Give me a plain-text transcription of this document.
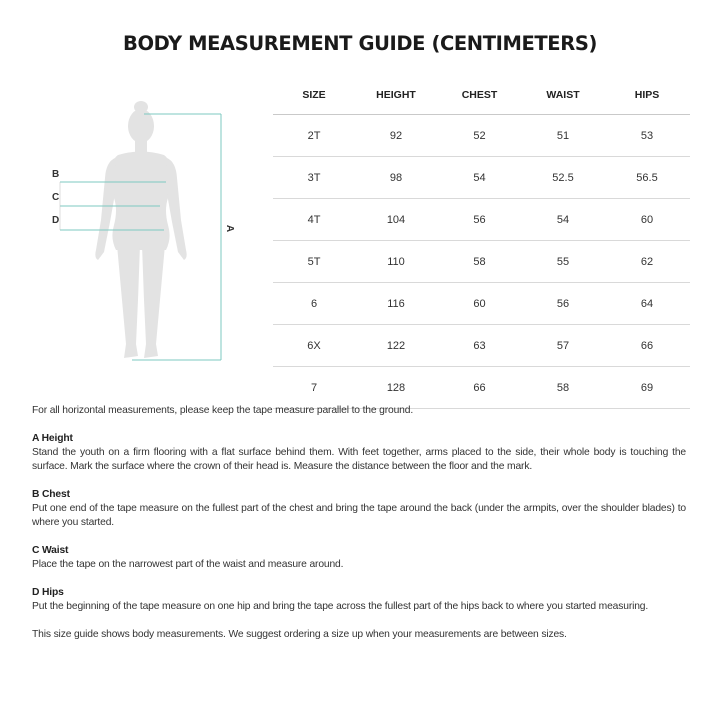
BODY MEASUREMENT GUIDE (CENTIMETERS)
B
C
D
A
SIZE	HEIGHT	CHEST	WAIST	HIPS
2T	92	52	51	53
3T	98	54	52.5	56.5
4T	104	56	54	60
5T	110	58	55	62
6	116	60	56	64
6X	122	63	57	66
7	128	66	58	69

For all horizontal measurements, please keep the tape measure parallel to the ground.

A Height

Stand the youth on a firm flooring with a flat surface behind them. With feet together, arms placed to the side, their whole body is touching the surface. Mark the surface where the crown of their head is. Measure the distance between the floor and the mark.

B Chest

Put one end of the tape measure on the fullest part of the chest and bring the tape around the back (under the armpits, over the shoulder blades) to where you started.

C Waist

Place the tape on the narrowest part of the waist and measure around.

D Hips

Put the beginning of the tape measure on one hip and bring the tape across the fullest part of the hips back to where you started measuring.

This size guide shows body measurements. We suggest ordering a size up when your measurements are between sizes.
